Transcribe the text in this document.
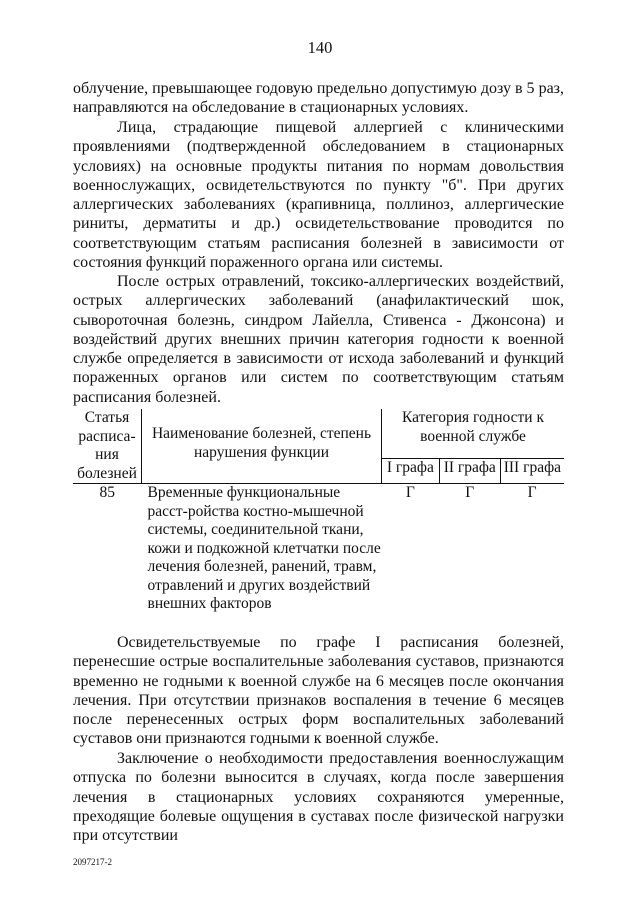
140

облучение, превышающее годовую предельно допустимую дозу в 5 раз, направляются на обследование в стационарных условиях.

Лица, страдающие пищевой аллергией с клиническими проявлениями (подтвержденной обследованием в стационарных условиях) на основные продукты питания по нормам довольствия военнослужащих, освидетельствуются по пункту "б". При других аллергических заболеваниях (крапивница, поллиноз, аллергические риниты, дерматиты и др.) освидетельствование проводится по соответствующим статьям расписания болезней в зависимости от состояния функций пораженного органа или системы.

После острых отравлений, токсико-аллергических воздействий, острых аллергических заболеваний (анафилактический шок, сывороточная болезнь, синдром Лайелла, Стивенса - Джонсона) и воздействий других внешних причин категория годности к военной службе определяется в зависимости от исхода заболеваний и функций пораженных органов или систем по соответствующим статьям расписания болезней.

Статья расписа-ния болезней	Наименование болезней, степень нарушения функции	Категория годности к военной службе		
		I графа	II графа	III графа
85	Временные функциональные расст-ройства костно-мышечной системы, соединительной ткани, кожи и подкожной клетчатки после лечения болезней, ранений, травм, отравлений и других воздействий внешних факторов	Г	Г	Г

Освидетельствуемые по графе I расписания болезней, перенесшие острые воспалительные заболевания суставов, признаются временно не годными к военной службе на 6 месяцев после окончания лечения. При отсутствии признаков воспаления в течение 6 месяцев после перенесенных острых форм воспалительных заболеваний суставов они признаются годными к военной службе.

Заключение о необходимости предоставления военнослужащим отпуска по болезни выносится в случаях, когда после завершения лечения в стационарных условиях сохраняются умеренные, преходящие болевые ощущения в суставах после физической нагрузки при отсутствии

2097217-2
